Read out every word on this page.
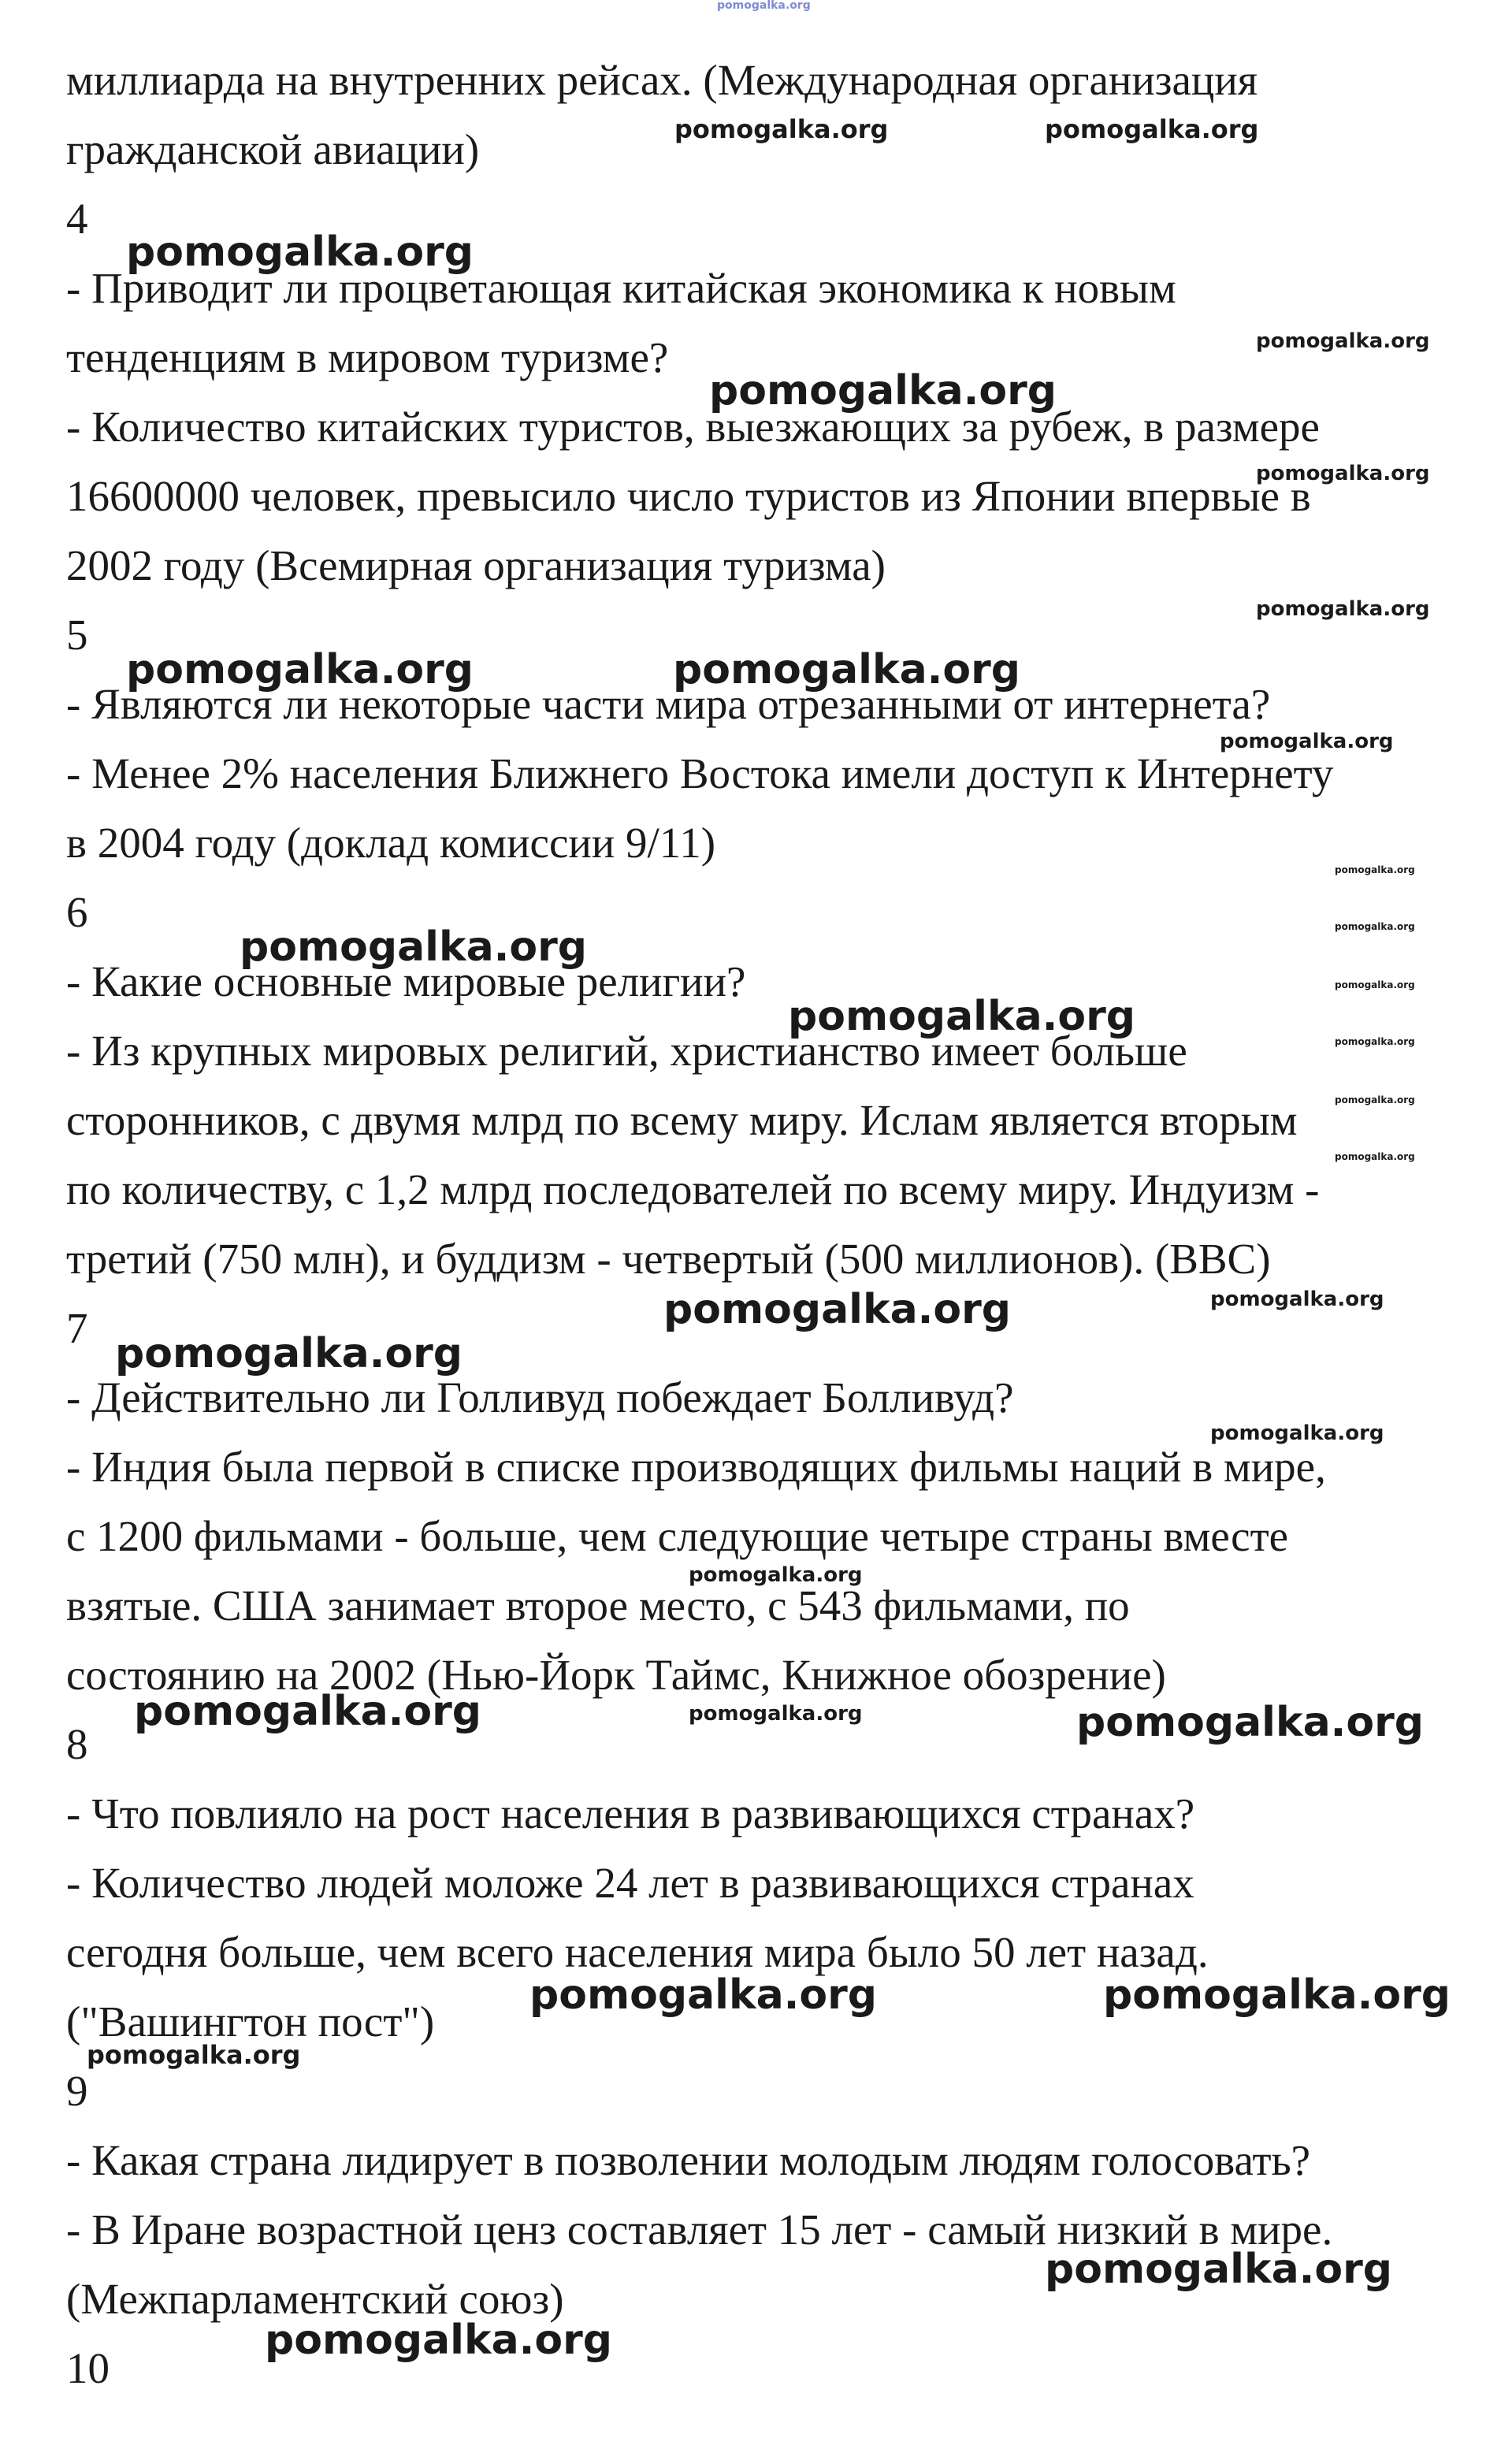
миллиарда на внутренних рейсах. (Международная организация

гражданской авиации)

4

- Приводит ли процветающая китайская экономика к новым

тенденциям в мировом туризме?

- Количество китайских туристов, выезжающих за рубеж, в размере

16600000 человек, превысило число туристов из Японии впервые в

2002 году (Всемирная организация туризма)

5

- Являются ли некоторые части мира отрезанными от интернета?

- Менее 2% населения Ближнего Востока имели доступ к Интернету

в 2004 году (доклад комиссии 9/11)

6

- Какие основные мировые религии?

- Из крупных мировых религий, христианство имеет больше

сторонников, с двумя млрд по всему миру. Ислам является вторым

по количеству, с 1,2 млрд последователей по всему миру. Индуизм -

третий (750 млн), и буддизм - четвертый (500 миллионов). (BBC)

7

- Действительно ли Голливуд побеждает Болливуд?

- Индия была первой в списке производящих фильмы наций в мире,

с 1200 фильмами - больше, чем следующие четыре страны вместе

взятые. США занимает второе место, с 543 фильмами, по

состоянию на 2002 (Нью-Йорк Таймс, Книжное обозрение)

8

- Что повлияло на рост населения в развивающихся странах?

- Количество людей моложе 24 лет в развивающихся странах

сегодня больше, чем всего населения мира было 50 лет назад.

("Вашингтон пост")

9

- Какая страна лидирует в позволении молодым людям голосовать?

- В Иране возрастной ценз составляет 15 лет - самый низкий в мире.

(Межпарламентский союз)

10

pomogalka.org
pomogalka.org	pomogalka.org
pomogalka.org
pomogalka.org
pomogalka.org
pomogalka.org
pomogalka.org
pomogalka.org	pomogalka.org
pomogalka.org
pomogalka.org
pomogalka.org
pomogalka.org
pomogalka.org
pomogalka.org
pomogalka.org
pomogalka.org
pomogalka.org
pomogalka.org	pomogalka.org
pomogalka.org
pomogalka.org
pomogalka.org
pomogalka.org	pomogalka.org	pomogalka.org
pomogalka.org	pomogalka.org
pomogalka.org
pomogalka.org
pomogalka.org
